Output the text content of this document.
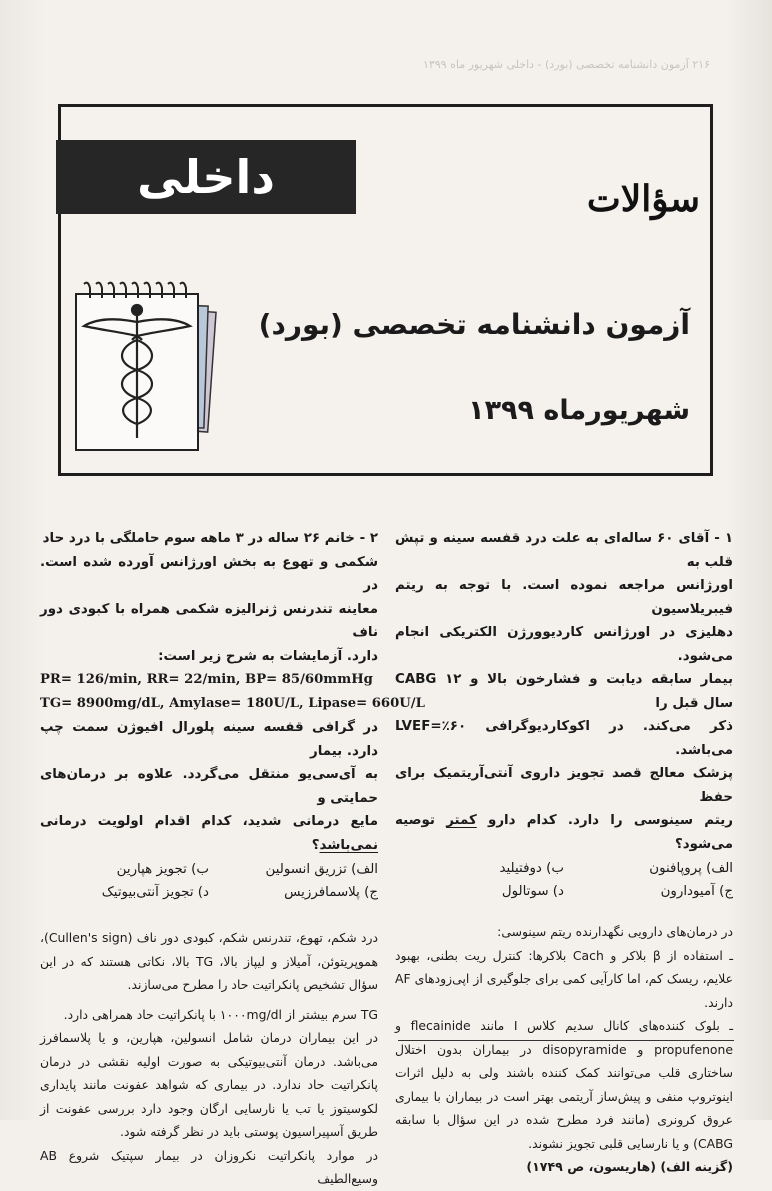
۲۱۶ آزمون دانشنامه تخصصی (بورد) - داخلی شهریور ماه ۱۳۹۹
داخلی	سؤالات
آزمون دانشنامه تخصصی (بورد)
شهریورماه ۱۳۹۹

۱ - آقای ۶۰ ساله‌ای به علت درد قفسه سینه و تپش قلب به

اورژانس مراجعه نموده است. با توجه به ریتم فیبریلاسیون

دهلیزی در اورژانس کاردیوورژن الکتریکی انجام می‌شود.

بیمار سابقه دیابت و فشارخون بالا و CABG ۱۲ سال قبل را

ذکر می‌کند. در اکوکاردیوگرافی ۶۰٪=LVEF می‌باشد.

پزشک معالج قصد تجویز داروی آنتی‌آریتمیک برای حفظ

ریتم سینوسی را دارد. کدام دارو کمتر توصیه می‌شود؟

الف) پروپافنون
ب) دوفتیلید
ج) آمیودارون
د) سوتالول

در درمان‌های دارویی نگهدارنده ریتم سینوسی:

ـ استفاده از β بلاکر و Cach بلاکرها: کنترل ریت بطنی، بهبود علایم، ریسک کم، اما کارآیی کمی برای جلوگیری از اپی‌زودهای AF دارند.

ـ بلوک کننده‌های کانال سدیم کلاس I مانند flecainide و propufenone و disopyramide در بیماران بدون اختلال ساختاری قلب می‌توانند کمک کننده باشند ولی به دلیل اثرات اینوتروپ منفی و پیش‌ساز آریتمی بهتر است در بیماران با بیماری عروق کرونری (مانند فرد مطرح شده در این سؤال با سابقه CABG) و یا نارسایی قلبی تجویز نشوند.

(گزینه الف) (هاریسون، ص ۱۷۴۹)

۲ - خانم ۲۶ ساله در ۳ ماهه سوم حاملگی با درد حاد

شکمی و تهوع به بخش اورژانس آورده شده است. در

معاینه تندرنس ژنرالیزه شکمی همراه با کبودی دور ناف

دارد. آزمایشات به شرح زیر است:

PR= 126/min, RR= 22/min, BP= 85/60mmHg
TG= 8900mg/dL, Amylase= 180U/L, Lipase= 660U/L

در گرافی قفسه سینه پلورال افیوژن سمت چپ دارد. بیمار

به آی‌سی‌یو منتقل می‌گردد. علاوه بر درمان‌های حمایتی و

مایع درمانی شدید، کدام اقدام اولویت درمانی نمی‌باشد؟

الف) تزریق انسولین
ب) تجویز هپارین
ج) پلاسمافرزیس
د) تجویز آنتی‌بیوتیک

درد شکم، تهوع، تندرنس شکم، کبودی دور ناف (Cullen's sign)، هموپریتوئن، آمیلاز و لیپاز بالا، TG بالا، نکاتی هستند که در این سؤال تشخیص پانکراتیت حاد را مطرح می‌سازند.

TG سرم بیشتر از ۱۰۰۰mg/dl با پانکراتیت حاد همراهی دارد.

در این بیماران درمان شامل انسولین، هپارین، و یا پلاسمافرز می‌باشد. درمان آنتی‌بیوتیکی به صورت اولیه نقشی در درمان پانکراتیت حاد ندارد. در بیماری که شواهد عفونت مانند پایداری لکوسیتوز یا تب یا نارسایی ارگان وجود دارد بررسی عفونت از طریق آسپیراسیون پوستی باید در نظر گرفته شود.

در موارد پانکراتیت نکروزان در بیمار سپتیک شروع AB وسیع‌الطیف
